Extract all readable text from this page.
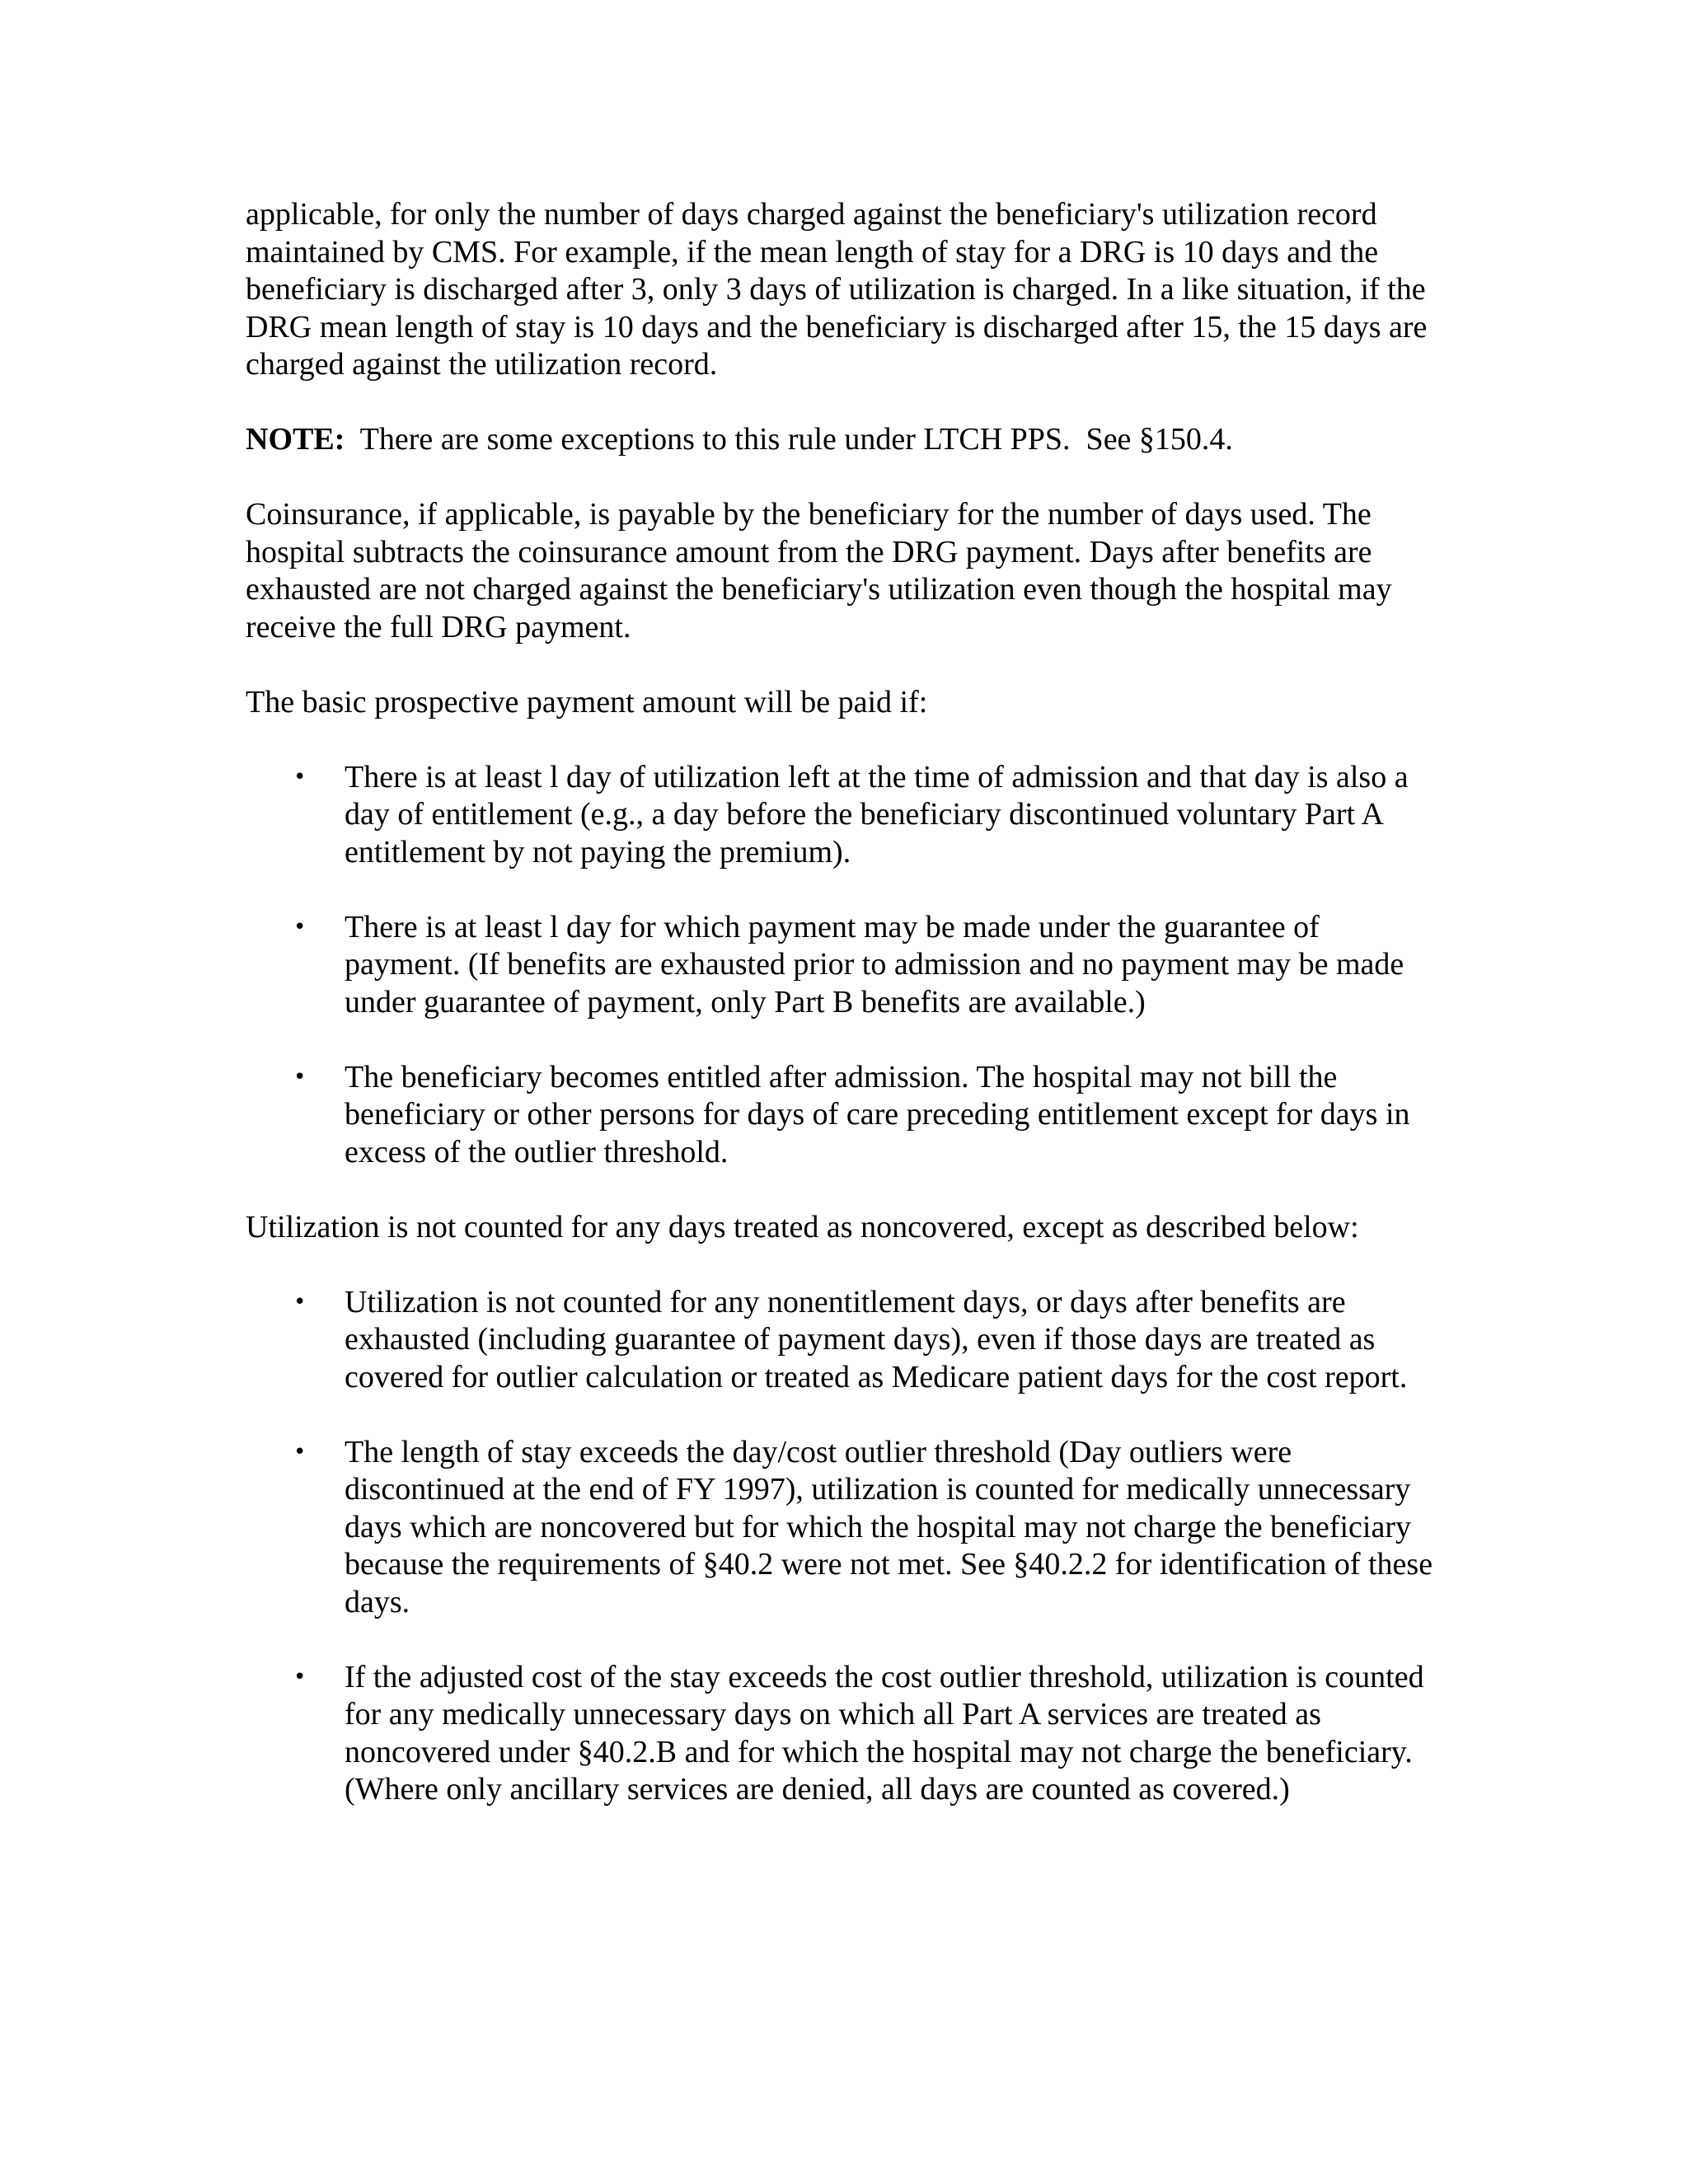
applicable, for only the number of days charged against the beneficiary's utilization record maintained by CMS. For example, if the mean length of stay for a DRG is 10 days and the beneficiary is discharged after 3, only 3 days of utilization is charged. In a like situation, if the DRG mean length of stay is 10 days and the beneficiary is discharged after 15, the 15 days are charged against the utilization record.

NOTE:  There are some exceptions to this rule under LTCH PPS.  See §150.4.

Coinsurance, if applicable, is payable by the beneficiary for the number of days used. The hospital subtracts the coinsurance amount from the DRG payment. Days after benefits are exhausted are not charged against the beneficiary's utilization even though the hospital may receive the full DRG payment.

The basic prospective payment amount will be paid if:

• There is at least l day of utilization left at the time of admission and that day is also a day of entitlement (e.g., a day before the beneficiary discontinued voluntary Part A entitlement by not paying the premium).
• There is at least l day for which payment may be made under the guarantee of payment. (If benefits are exhausted prior to admission and no payment may be made under guarantee of payment, only Part B benefits are available.)
• The beneficiary becomes entitled after admission. The hospital may not bill the beneficiary or other persons for days of care preceding entitlement except for days in excess of the outlier threshold.

Utilization is not counted for any days treated as noncovered, except as described below:

• Utilization is not counted for any nonentitlement days, or days after benefits are exhausted (including guarantee of payment days), even if those days are treated as covered for outlier calculation or treated as Medicare patient days for the cost report.
• The length of stay exceeds the day/cost outlier threshold (Day outliers were discontinued at the end of FY 1997), utilization is counted for medically unnecessary days which are noncovered but for which the hospital may not charge the beneficiary because the requirements of §40.2 were not met. See §40.2.2 for identification of these days.
• If the adjusted cost of the stay exceeds the cost outlier threshold, utilization is counted for any medically unnecessary days on which all Part A services are treated as noncovered under §40.2.B and for which the hospital may not charge the beneficiary. (Where only ancillary services are denied, all days are counted as covered.)
